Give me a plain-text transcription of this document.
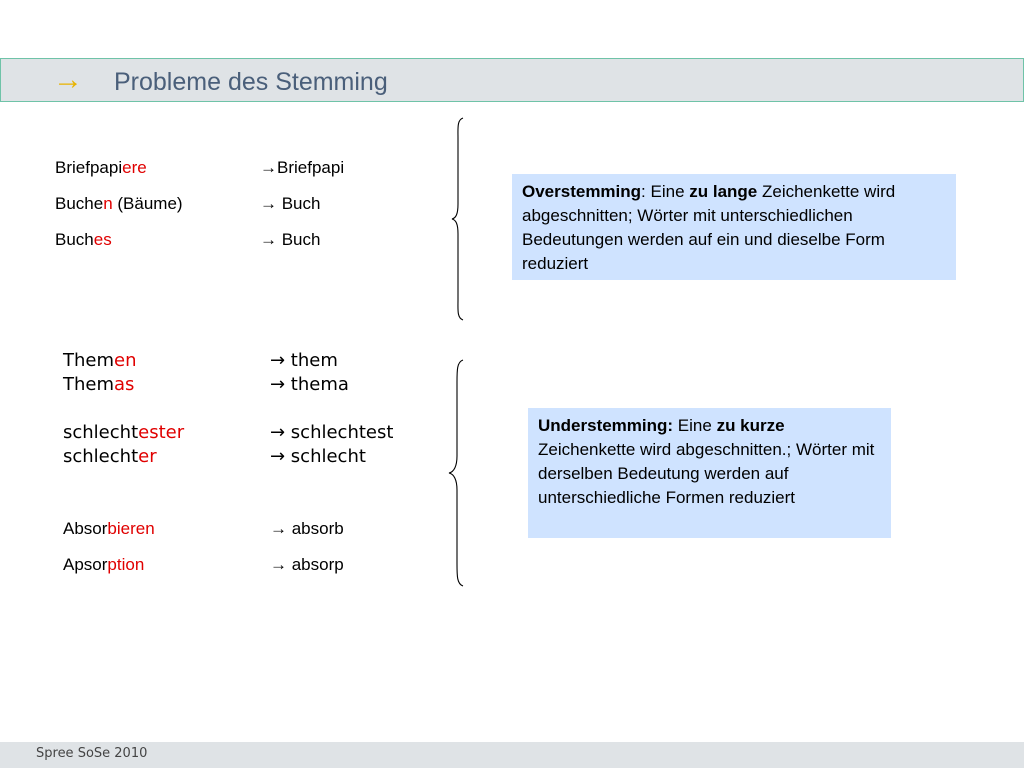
→ Probleme des Stemming
Briefpapiere	→Briefpapi
Buchen (Bäume)	→ Buch
Buches	→ Buch
Overstemming: Eine zu lange Zeichenkette wird abgeschnitten; Wörter mit unterschiedlichen Bedeutungen werden auf ein und dieselbe Form reduziert
Themen	→ them
Themas	→ thema
schlechtester	→ schlechtest
schlechter	→ schlecht
Absorbieren	→ absorb
Apsorption	→ absorp
Understemming: Eine zu kurze Zeichenkette wird abgeschnitten.; Wörter mit derselben Bedeutung werden auf unterschiedliche Formen reduziert
Spree SoSe 2010
